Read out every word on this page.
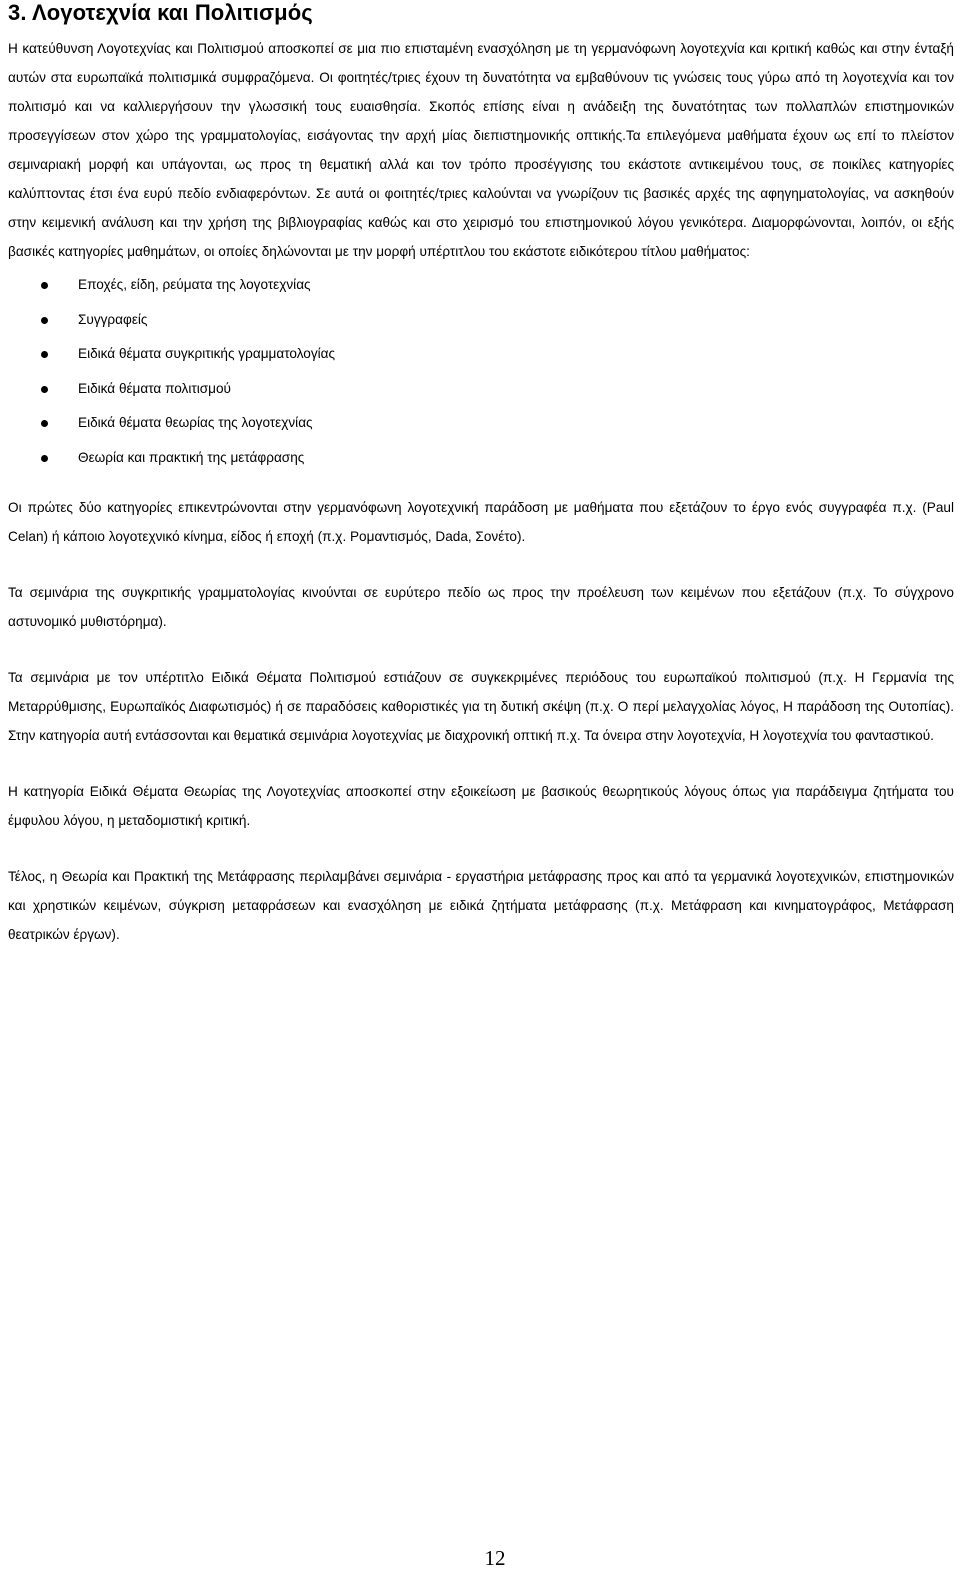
3. Λογοτεχνία και Πολιτισμός

Η κατεύθυνση Λογοτεχνίας και Πολιτισμού αποσκοπεί σε μια πιο επισταμένη ενασχόληση με τη γερμανόφωνη λογοτεχνία και κριτική καθώς και στην ένταξή αυτών στα ευρωπαϊκά πολιτισμικά συμφραζόμενα. Οι φοιτητές/τριες έχουν τη δυνατότητα να εμβαθύνουν τις γνώσεις τους γύρω από τη λογοτεχνία και τον πολιτισμό και να καλλιεργήσουν την γλωσσική τους ευαισθησία. Σκοπός επίσης είναι η ανάδειξη της δυνατότητας των πολλαπλών επιστημονικών προσεγγίσεων στον χώρο της γραμματολογίας, εισάγοντας την αρχή μίας διεπιστημονικής οπτικής.Τα επιλεγόμενα μαθήματα έχουν ως επί το πλείστον σεμιναριακή μορφή και υπάγονται, ως προς τη θεματική αλλά και τον τρόπο προσέγγισης του εκάστοτε αντικειμένου τους, σε ποικίλες κατηγορίες καλύπτοντας έτσι ένα ευρύ πεδίο ενδιαφερόντων. Σε αυτά οι φοιτητές/τριες καλούνται να γνωρίζουν τις βασικές αρχές της αφηγηματολογίας, να ασκηθούν στην κειμενική ανάλυση και την χρήση της βιβλιογραφίας καθώς και στο χειρισμό του επιστημονικού λόγου γενικότερα. Διαμορφώνονται, λοιπόν, οι εξής βασικές κατηγορίες μαθημάτων, οι οποίες δηλώνονται με την μορφή υπέρτιτλου του εκάστοτε ειδικότερου τίτλου μαθήματος:

Εποχές, είδη, ρεύματα της λογοτεχνίας
Συγγραφείς
Ειδικά θέματα συγκριτικής γραμματολογίας
Ειδικά θέματα πολιτισμού
Ειδικά θέματα θεωρίας της λογοτεχνίας
Θεωρία και πρακτική της μετάφρασης

Οι πρώτες δύο κατηγορίες επικεντρώνονται στην γερμανόφωνη λογοτεχνική παράδοση με μαθήματα που εξετάζουν το έργο ενός συγγραφέα π.χ. (Paul Celan) ή κάποιο λογοτεχνικό κίνημα, είδος ή εποχή (π.χ. Ρομαντισμός, Dada, Σονέτο).

Τα σεμινάρια της συγκριτικής γραμματολογίας κινούνται σε ευρύτερο πεδίο ως προς την προέλευση των κειμένων που εξετάζουν (π.χ. Το σύγχρονο αστυνομικό μυθιστόρημα).

Τα σεμινάρια με τον υπέρτιτλο Ειδικά Θέματα Πολιτισμού εστιάζουν σε συγκεκριμένες περιόδους του ευρωπαϊκού πολιτισμού (π.χ. Η Γερμανία της Μεταρρύθμισης, Ευρωπαϊκός Διαφωτισμός) ή σε παραδόσεις καθοριστικές για τη δυτική σκέψη (π.χ. Ο περί μελαγχολίας λόγος, Η παράδοση της Ουτοπίας). Στην κατηγορία αυτή εντάσσονται και θεματικά σεμινάρια λογοτεχνίας με διαχρονική οπτική π.χ. Τα όνειρα στην λογοτεχνία, Η λογοτεχνία του φανταστικού.

Η κατηγορία Ειδικά Θέματα Θεωρίας της Λογοτεχνίας αποσκοπεί στην εξοικείωση με βασικούς θεωρητικούς λόγους όπως για παράδειγμα ζητήματα του έμφυλου λόγου, η μεταδομιστική κριτική.

Τέλος, η Θεωρία και Πρακτική της Μετάφρασης περιλαμβάνει σεμινάρια - εργαστήρια μετάφρασης προς και από τα γερμανικά λογοτεχνικών, επιστημονικών και χρηστικών κειμένων, σύγκριση μεταφράσεων και ενασχόληση με ειδικά ζητήματα μετάφρασης (π.χ. Μετάφραση και κινηματογράφος, Μετάφραση θεατρικών έργων).

12
